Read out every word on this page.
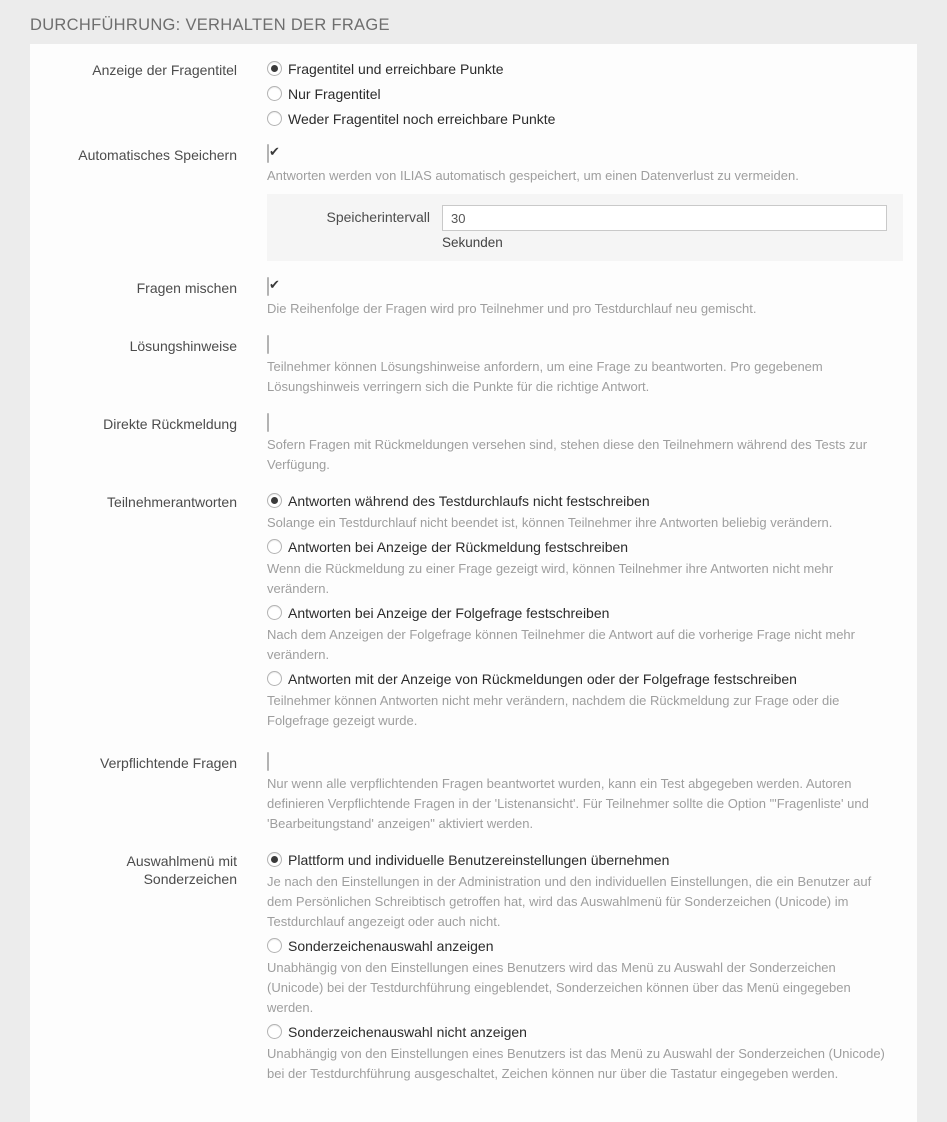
DURCHFÜHRUNG: VERHALTEN DER FRAGE
Anzeige der Fragentitel	Fragentitel und erreichbare Punkte
Nur Fragentitel
Weder Fragentitel noch erreichbare Punkte
Automatisches Speichern
✔
Antworten werden von ILIAS automatisch gespeichert, um einen Datenverlust zu vermeiden.
Speicherintervall
30
Sekunden
Fragen mischen
✔
Die Reihenfolge der Fragen wird pro Teilnehmer und pro Testdurchlauf neu gemischt.
Lösungshinweise
Teilnehmer können Lösungshinweise anfordern, um eine Frage zu beantworten. Pro gegebenem Lösungshinweis verringern sich die Punkte für die richtige Antwort.
Direkte Rückmeldung
Sofern Fragen mit Rückmeldungen versehen sind, stehen diese den Teilnehmern während des Tests zur Verfügung.
Teilnehmerantworten	Antworten während des Testdurchlaufs nicht festschreiben
Solange ein Testdurchlauf nicht beendet ist, können Teilnehmer ihre Antworten beliebig verändern.
Antworten bei Anzeige der Rückmeldung festschreiben
Wenn die Rückmeldung zu einer Frage gezeigt wird, können Teilnehmer ihre Antworten nicht mehr verändern.
Antworten bei Anzeige der Folgefrage festschreiben
Nach dem Anzeigen der Folgefrage können Teilnehmer die Antwort auf die vorherige Frage nicht mehr verändern.
Antworten mit der Anzeige von Rückmeldungen oder der Folgefrage festschreiben
Teilnehmer können Antworten nicht mehr verändern, nachdem die Rückmeldung zur Frage oder die Folgefrage gezeigt wurde.
Verpflichtende Fragen
Nur wenn alle verpflichtenden Fragen beantwortet wurden, kann ein Test abgegeben werden. Autoren definieren Verpflichtende Fragen in der 'Listenansicht'. Für Teilnehmer sollte die Option "'Fragenliste' und 'Bearbeitungstand' anzeigen" aktiviert werden.
Auswahlmenü mit Sonderzeichen
Plattform und individuelle Benutzereinstellungen übernehmen
Je nach den Einstellungen in der Administration und den individuellen Einstellungen, die ein Benutzer auf dem Persönlichen Schreibtisch getroffen hat, wird das Auswahlmenü für Sonderzeichen (Unicode) im Testdurchlauf angezeigt oder auch nicht.
Sonderzeichenauswahl anzeigen
Unabhängig von den Einstellungen eines Benutzers wird das Menü zu Auswahl der Sonderzeichen (Unicode) bei der Testdurchführung eingeblendet, Sonderzeichen können über das Menü eingegeben werden.
Sonderzeichenauswahl nicht anzeigen
Unabhängig von den Einstellungen eines Benutzers ist das Menü zu Auswahl der Sonderzeichen (Unicode) bei der Testdurchführung ausgeschaltet, Zeichen können nur über die Tastatur eingegeben werden.
